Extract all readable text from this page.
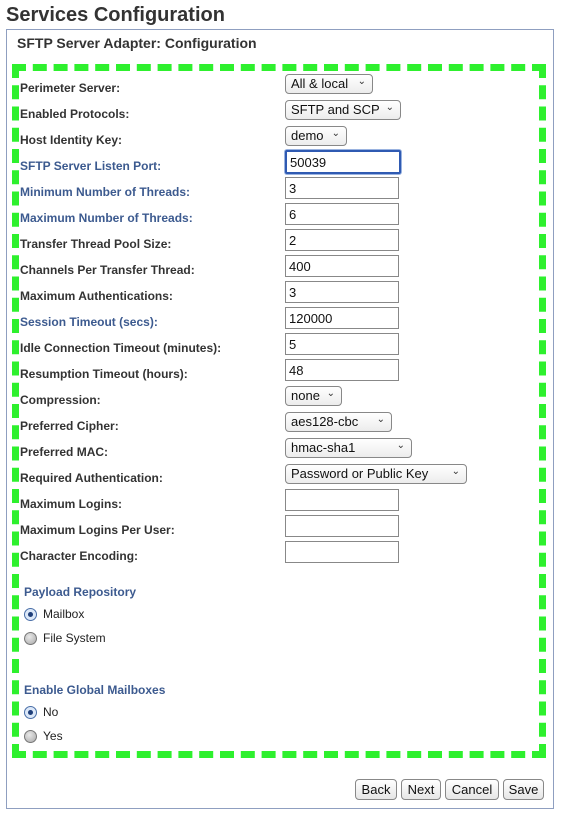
Services Configuration
SFTP Server Adapter: Configuration
Perimeter Server:	All & local ⌄
Enabled Protocols:	SFTP and SCP ⌄
Host Identity Key:	demo ⌄
SFTP Server Listen Port:
50039
Minimum Number of Threads:
3
Maximum Number of Threads:
6
Transfer Thread Pool Size:
2
Channels Per Transfer Thread:
400
Maximum Authentications:
3
Session Timeout (secs):
120000
Idle Connection Timeout (minutes):
5
Resumption Timeout (hours):
48
Compression:	none ⌄
Preferred Cipher:	aes128-cbc ⌄
Preferred MAC:	hmac-sha1	⌄
Required Authentication:	Password or Public Key ⌄
Maximum Logins:
Maximum Logins Per User:
Character Encoding:
Payload Repository
Mailbox
File System
Enable Global Mailboxes
No
Yes
Back	Next	Cancel	Save
